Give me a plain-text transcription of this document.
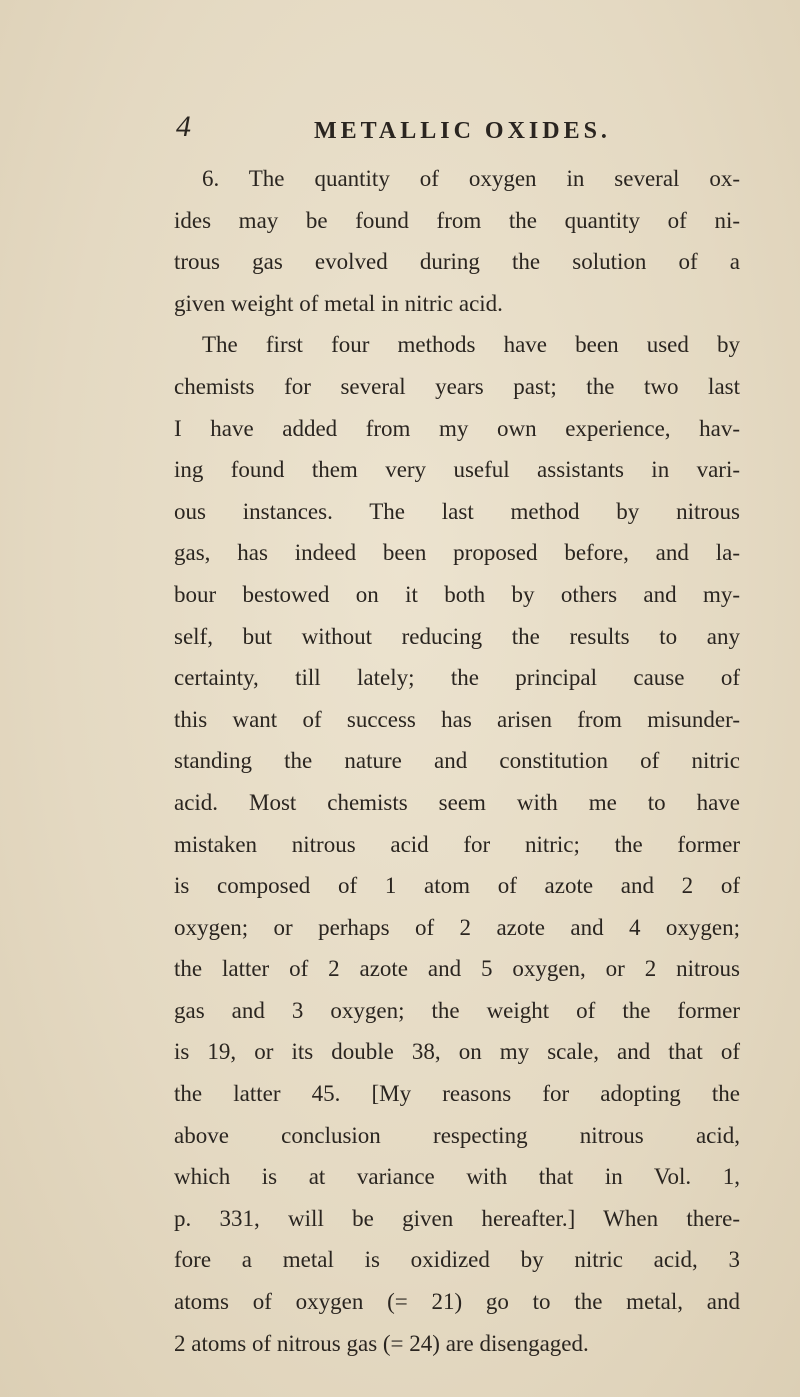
4	METALLIC OXIDES.
6. The quantity of oxygen in several ox-
ides may be found from the quantity of ni-
trous gas evolved during the solution of a
given weight of metal in nitric acid.
The first four methods have been used by
chemists for several years past; the two last
I have added from my own experience, hav-
ing found them very useful assistants in vari-
ous instances. The last method by nitrous
gas, has indeed been proposed before, and la-
bour bestowed on it both by others and my-
self, but without reducing the results to any
certainty, till lately; the principal cause of
this want of success has arisen from misunder-
standing the nature and constitution of nitric
acid. Most chemists seem with me to have
mistaken nitrous acid for nitric; the former
is composed of 1 atom of azote and 2 of
oxygen; or perhaps of 2 azote and 4 oxygen;
the latter of 2 azote and 5 oxygen, or 2 nitrous
gas and 3 oxygen; the weight of the former
is 19, or its double 38, on my scale, and that of
the latter 45. [My reasons for adopting the
above conclusion respecting nitrous acid,
which is at variance with that in Vol. 1,
p. 331, will be given hereafter.] When there-
fore a metal is oxidized by nitric acid, 3
atoms of oxygen (= 21) go to the metal, and
2 atoms of nitrous gas (= 24) are disengaged.
